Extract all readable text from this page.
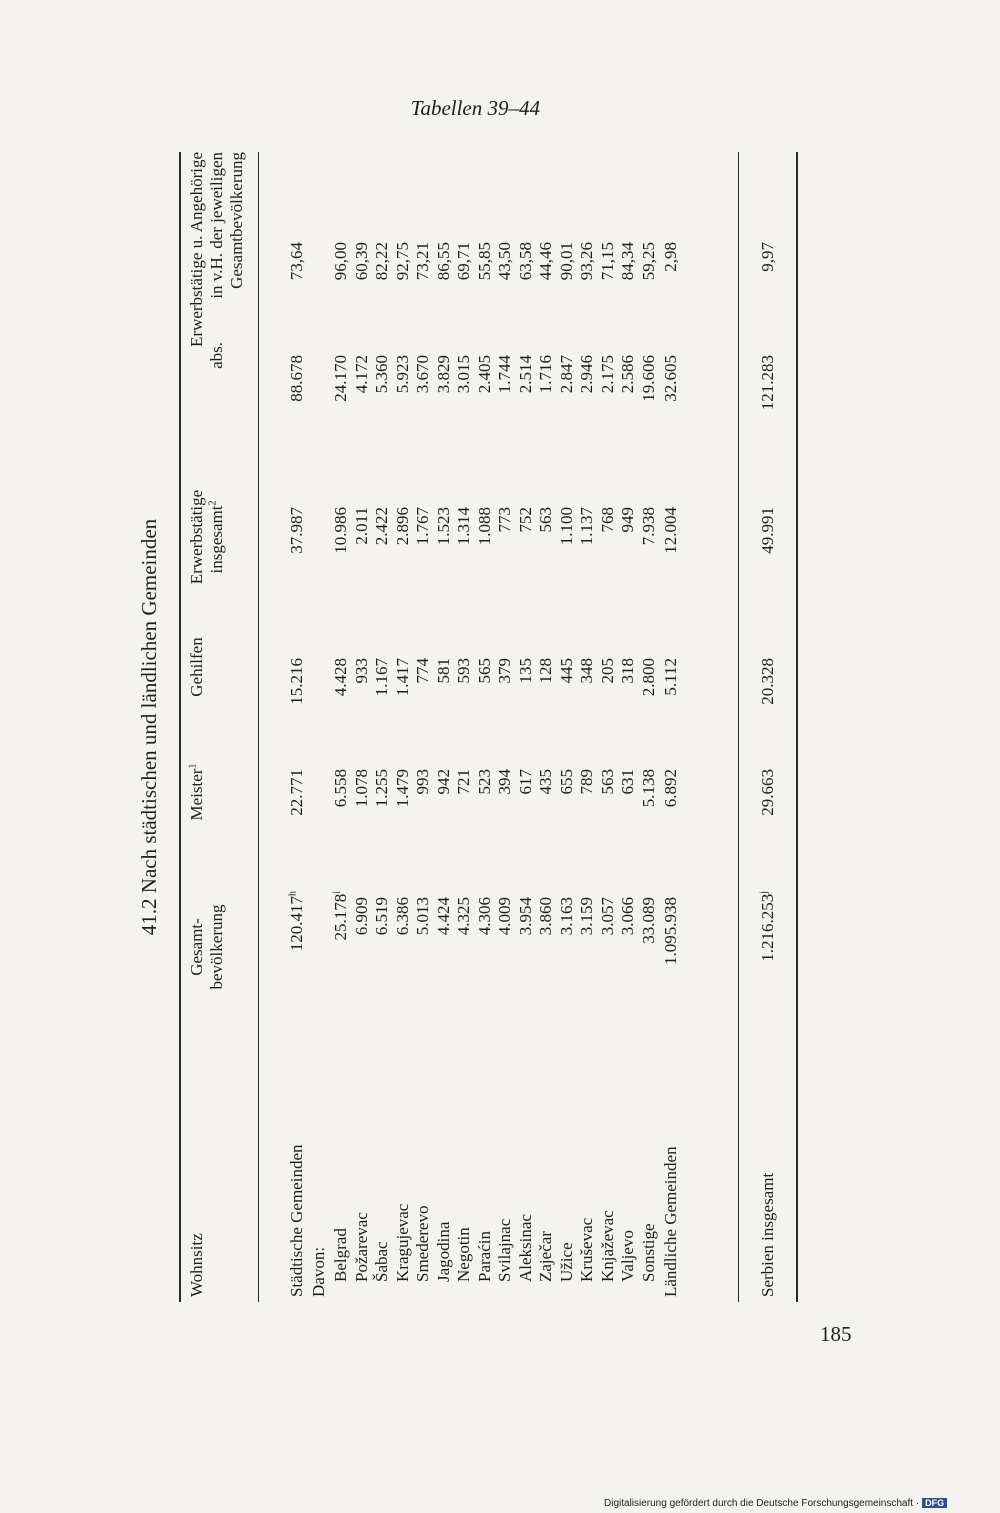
Tabellen 39–44
41.2 Nach städtischen und ländlichen Gemeinden
Wohnsitz
Gesamt- bevölkerung
Meister$^1$
Gehilfen
Erwerbstätige insgesamt$^2$
Erwerbstätige u. Angehörige
abs.
in v.H. der jeweiligen Gesamtbevölkerung
Städtische Gemeinden
120.417$^h$
22.771
15.216
37.987
88.678
73,64
Davon: Belgrad
25.178$^i$
6.558
4.428
10.986
24.170
96,00
Požarevac
6.909
1.078
933
2.011
4.172
60,39
Šabac
6.519
1.255
1.167
2.422
5.360
82,22
Kragujevac
6.386
1.479
1.417
2.896
5.923
92,75
Smederevo
5.013
993
774
1.767
3.670
73,21
Jagodina
4.424
942
581
1.523
3.829
86,55
Negotin
4.325
721
593
1.314
3.015
69,71
Paraćin
4.306
523
565
1.088
2.405
55,85
Svilajnac
4.009
394
379
773
1.744
43,50
Aleksinac
3.954
617
135
752
2.514
63,58
Zaječar
3.860
435
128
563
1.716
44,46
Užice
3.163
655
445
1.100
2.847
90,01
Kruševac
3.159
789
348
1.137
2.946
93,26
Knjaževac
3.057
563
205
768
2.175
71,15
Valjevo
3.066
631
318
949
2.586
84,34
Sonstige
33.089
5.138
2.800
7.938
19.606
59,25
Ländliche Gemeinden
1.095.938
6.892
5.112
12.004
32.605
2,98
Serbien insgesamt
1.216.253$^j$
29.663
20.328
49.991
121.283
9,97
185
Digitalisierung gefördert durch die Deutsche Forschungsgemeinschaft · DFG
